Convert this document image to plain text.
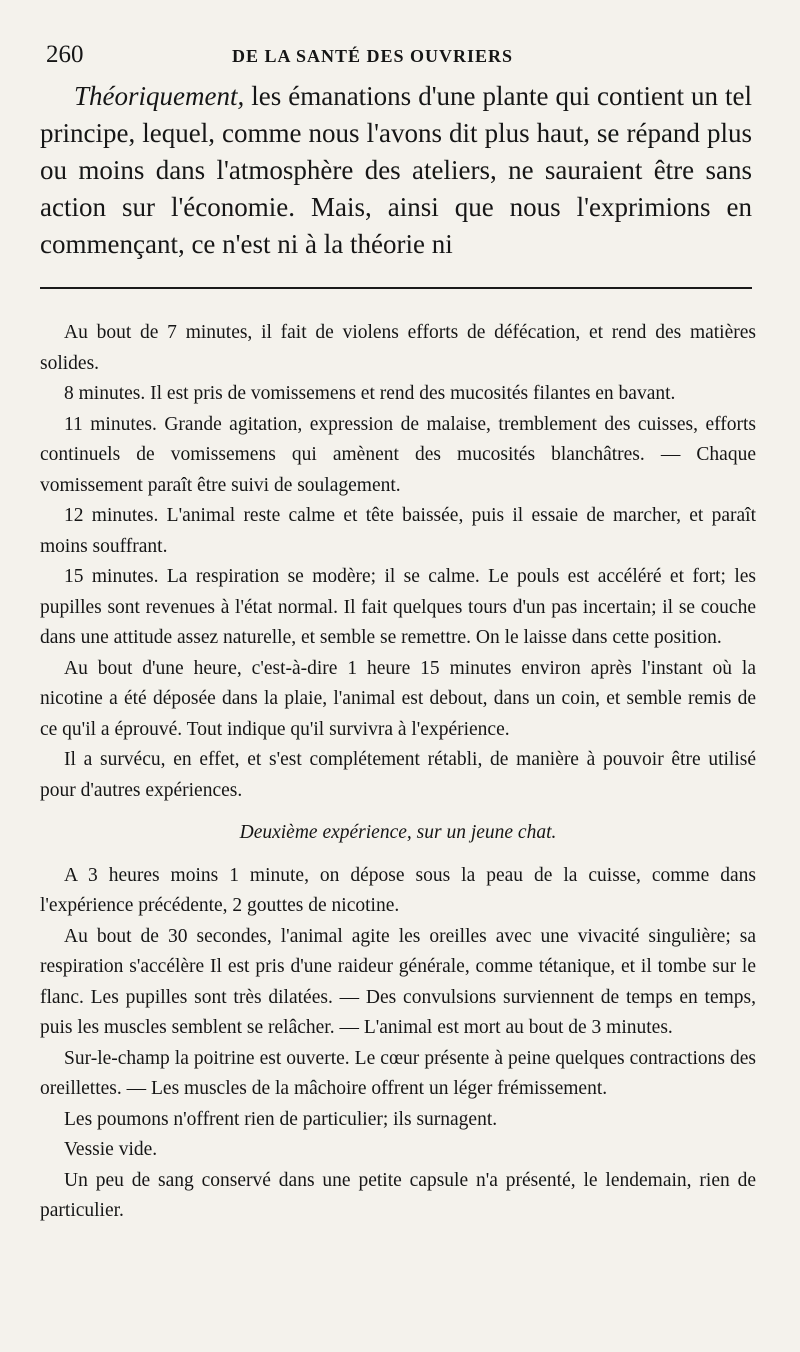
260	DE LA SANTÉ DES OUVRIERS

Théoriquement, les émanations d'une plante qui contient un tel principe, lequel, comme nous l'avons dit plus haut, se répand plus ou moins dans l'atmosphère des ateliers, ne sauraient être sans action sur l'économie. Mais, ainsi que nous l'exprimions en commençant, ce n'est ni à la théorie ni

Au bout de 7 minutes, il fait de violens efforts de défécation, et rend des matières solides.

8 minutes. Il est pris de vomissemens et rend des mucosités filantes en bavant.

11 minutes. Grande agitation, expression de malaise, tremblement des cuisses, efforts continuels de vomissemens qui amènent des mucosités blanchâtres. — Chaque vomissement paraît être suivi de soulagement.

12 minutes. L'animal reste calme et tête baissée, puis il essaie de marcher, et paraît moins souffrant.

15 minutes. La respiration se modère; il se calme. Le pouls est accéléré et fort; les pupilles sont revenues à l'état normal. Il fait quelques tours d'un pas incertain; il se couche dans une attitude assez naturelle, et semble se remettre. On le laisse dans cette position.

Au bout d'une heure, c'est-à-dire 1 heure 15 minutes environ après l'instant où la nicotine a été déposée dans la plaie, l'animal est debout, dans un coin, et semble remis de ce qu'il a éprouvé. Tout indique qu'il survivra à l'expérience.

Il a survécu, en effet, et s'est complétement rétabli, de manière à pouvoir être utilisé pour d'autres expériences.

Deuxième expérience, sur un jeune chat.

A 3 heures moins 1 minute, on dépose sous la peau de la cuisse, comme dans l'expérience précédente, 2 gouttes de nicotine.

Au bout de 30 secondes, l'animal agite les oreilles avec une vivacité singulière; sa respiration s'accélère Il est pris d'une raideur générale, comme tétanique, et il tombe sur le flanc. Les pupilles sont très dilatées. — Des convulsions surviennent de temps en temps, puis les muscles semblent se relâcher. — L'animal est mort au bout de 3 minutes.

Sur-le-champ la poitrine est ouverte. Le cœur présente à peine quelques contractions des oreillettes. — Les muscles de la mâchoire offrent un léger frémissement.

Les poumons n'offrent rien de particulier; ils surnagent.

Vessie vide.

Un peu de sang conservé dans une petite capsule n'a présenté, le lendemain, rien de particulier.
